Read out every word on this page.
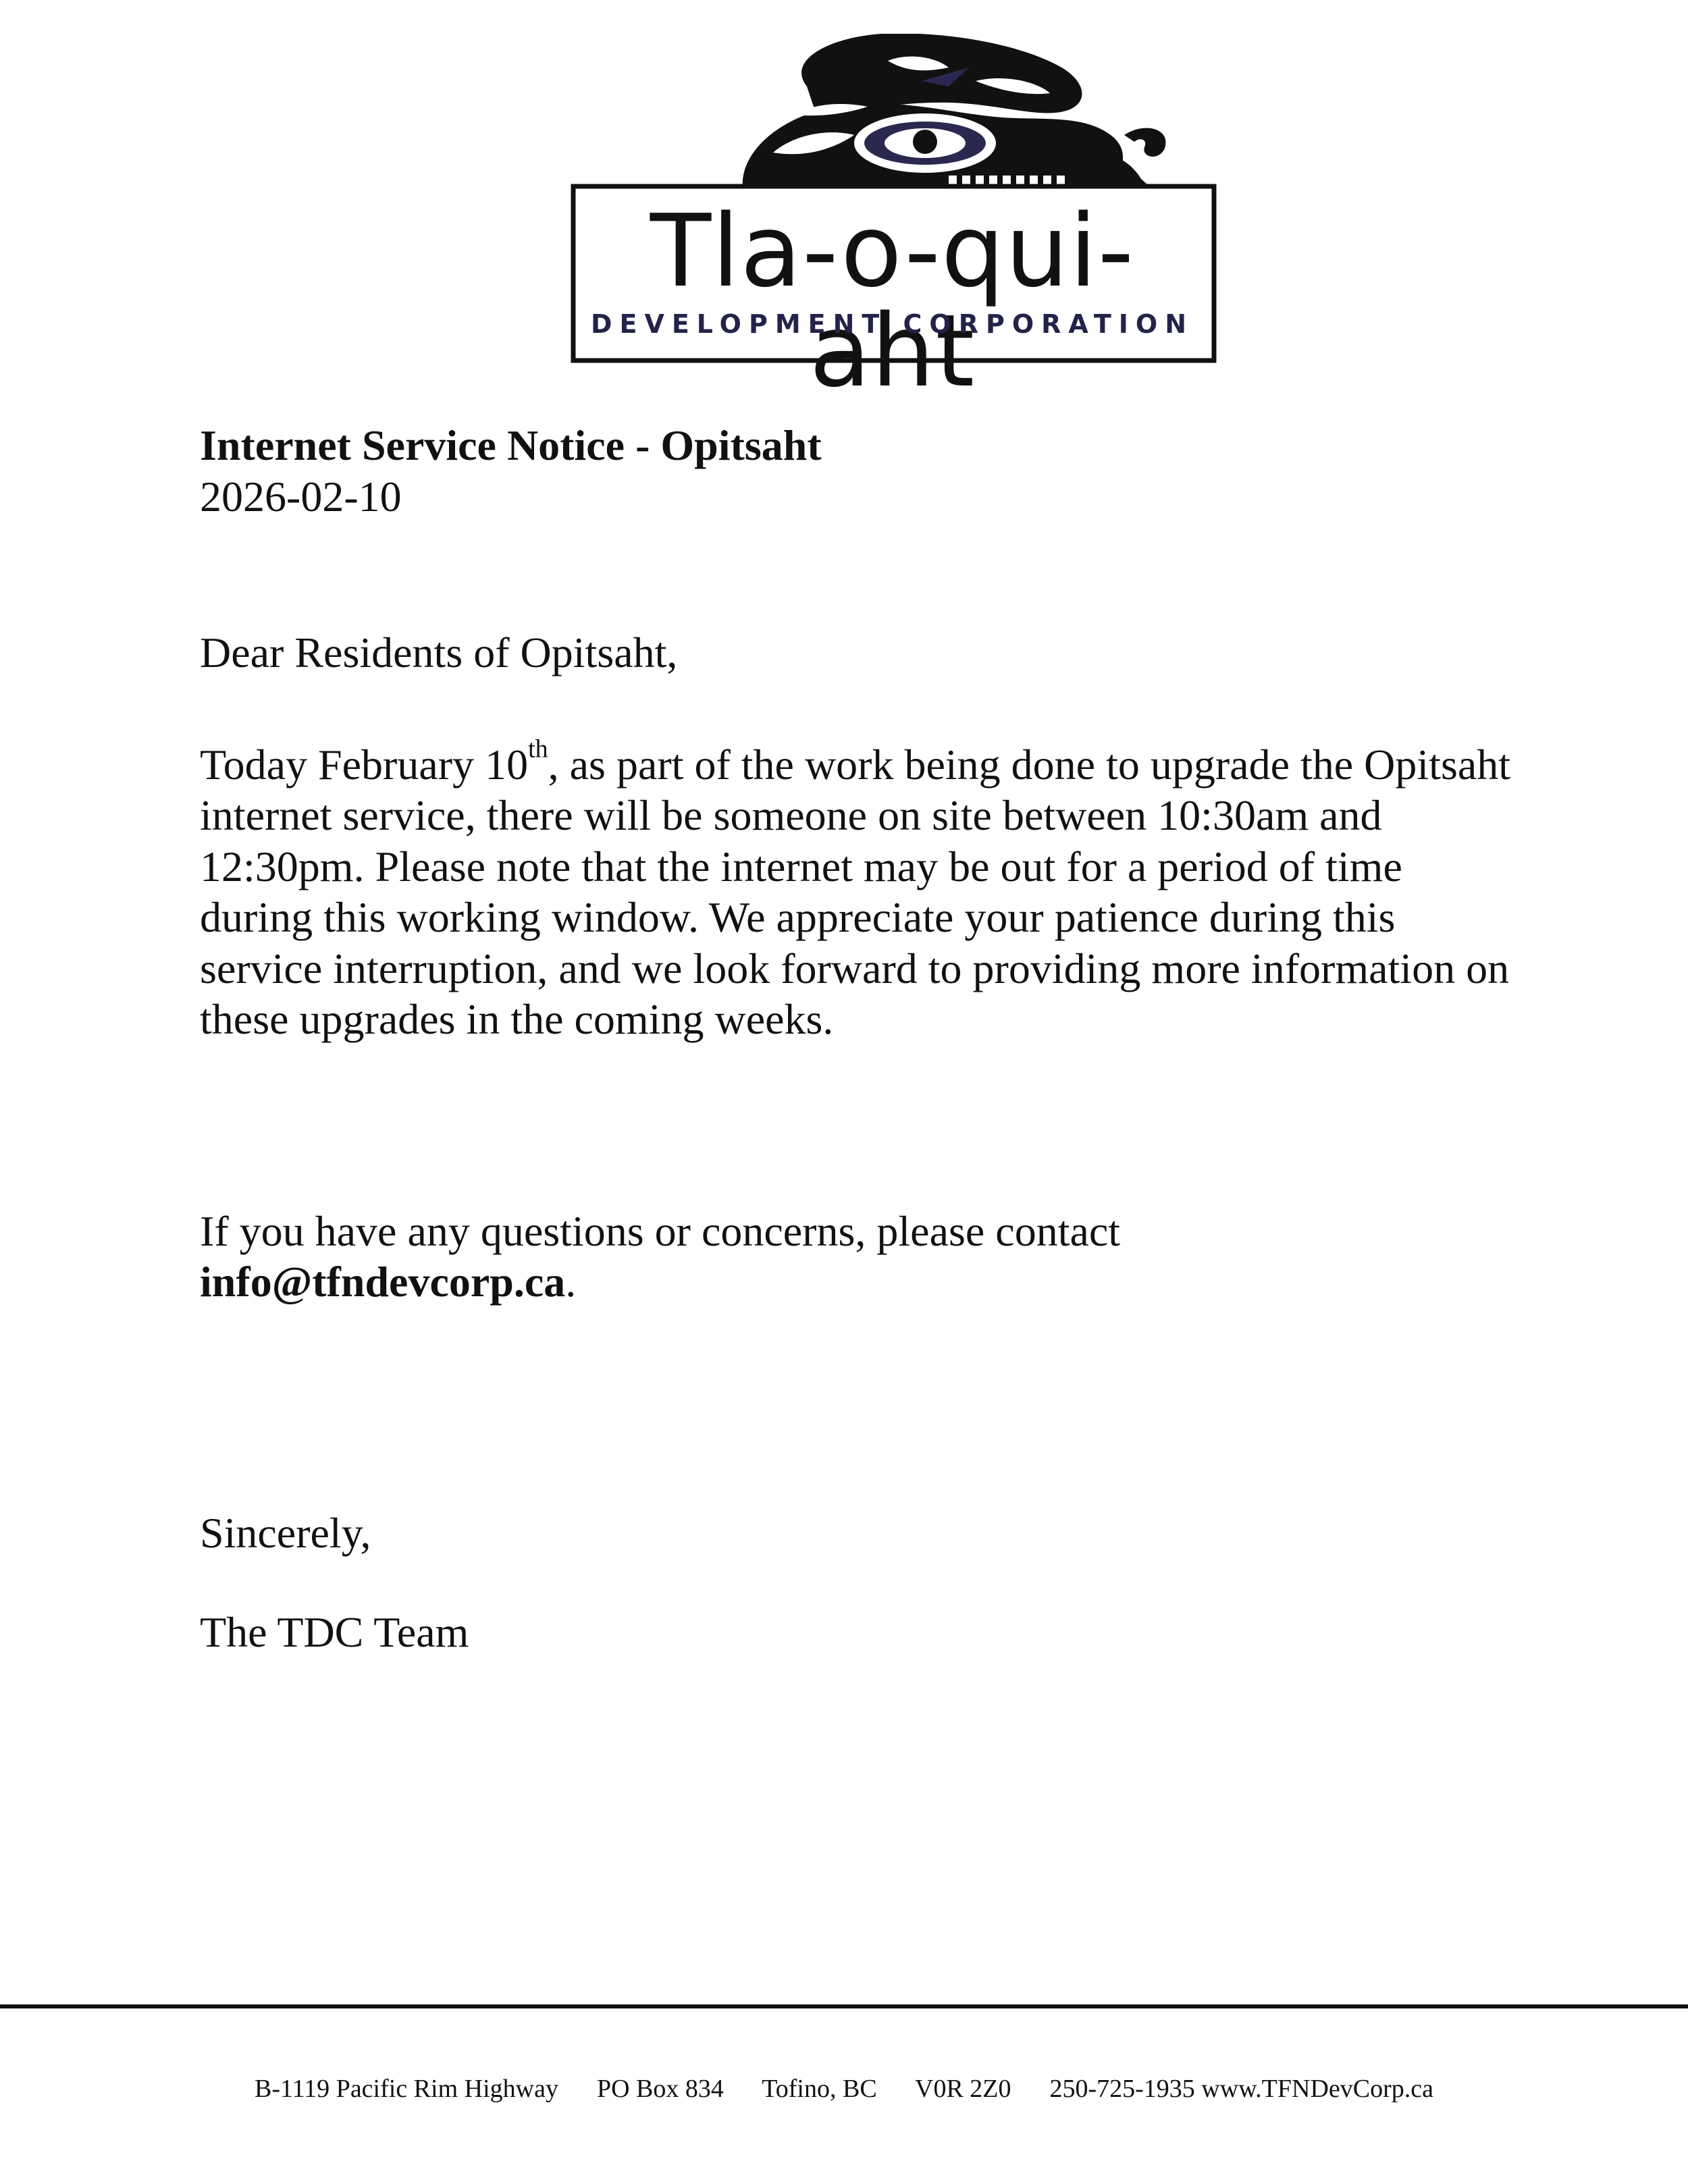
Tla-o-qui-aht
DEVELOPMENT CORPORATION

Internet Service Notice - Opitsaht

2026-02-10

Dear Residents of Opitsaht,

Today February 10th, as part of the work being done to upgrade the Opitsaht internet service, there will be someone on site between 10:30am and 12:30pm. Please note that the internet may be out for a period of time during this working window. We appreciate your patience during this service interruption, and we look forward to providing more information on these upgrades in the coming weeks.

If you have any questions or concerns, please contact
info@tfndevcorp.ca.

Sincerely,

The TDC Team

B-1119 Pacific Rim Highway PO Box 834 Tofino, BC V0R 2Z0 250-725-1935 www.TFNDevCorp.ca
